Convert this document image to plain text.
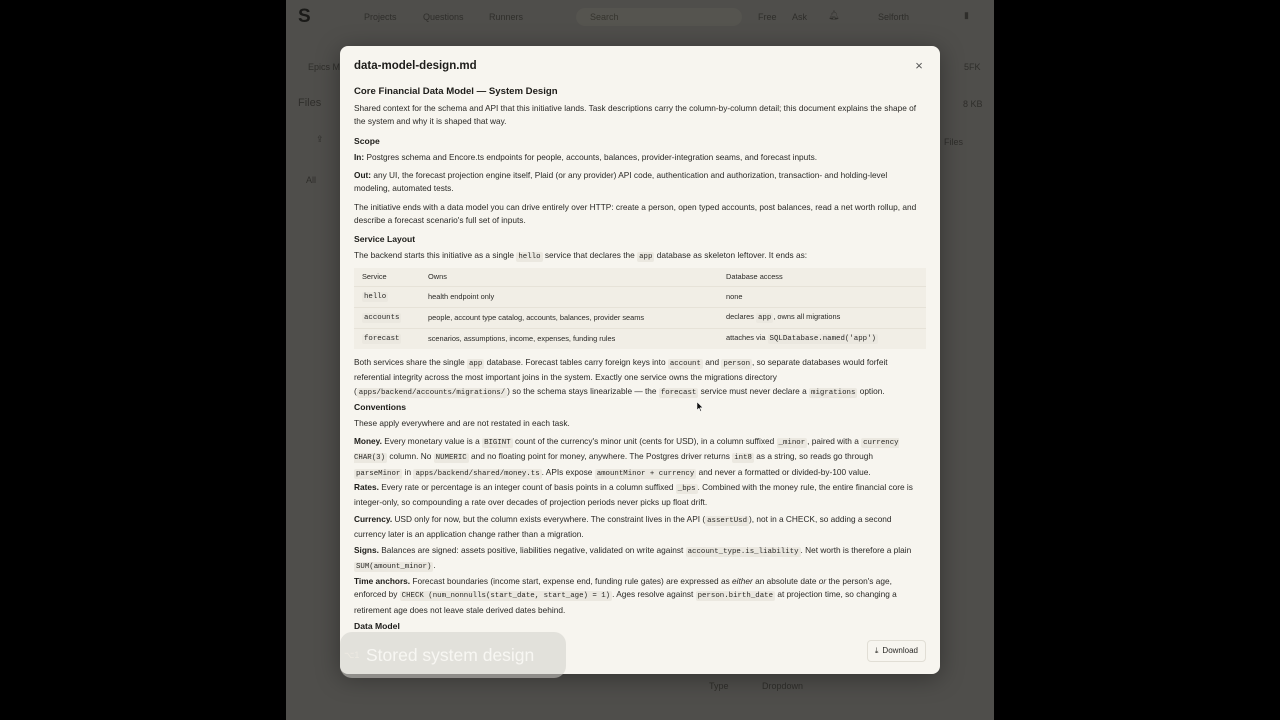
S	Projects	Questions	Runners	Search	Free Ask 🔔︎	Selforth	▮
Epics M	5FK
Files	8 KB
Files
⇪
All
Type	Dropdown
data-model-design.md	×
Core Financial Data Model — System Design

Shared context for the schema and API that this initiative lands. Task descriptions carry the column-by-column detail; this document explains the shape of the system and why it is shaped that way.

Scope

In: Postgres schema and Encore.ts endpoints for people, accounts, balances, provider-integration seams, and forecast inputs.

Out: any UI, the forecast projection engine itself, Plaid (or any provider) API code, authentication and authorization, transaction- and holding-level modeling, automated tests.

The initiative ends with a data model you can drive entirely over HTTP: create a person, open typed accounts, post balances, read a net worth rollup, and describe a forecast scenario's full set of inputs.

Service Layout

The backend starts this initiative as a single hello service that declares the app database as skeleton leftover. It ends as:

Service	Owns	Database access
hello	health endpoint only	none
accounts	people, account type catalog, accounts, balances, provider seams	declares app , owns all migrations
forecast	scenarios, assumptions, income, expenses, funding rules	attaches via SQLDatabase.named('app')

Both services share the single app database. Forecast tables carry foreign keys into account and person , so separate databases would forfeit referential integrity across the most important joins in the system. Exactly one service owns the migrations directory ( apps/backend/accounts/migrations/ ) so the schema stays linearizable — the forecast service must never declare a migrations option.

Conventions

These apply everywhere and are not restated in each task.

Money. Every monetary value is a BIGINT count of the currency's minor unit (cents for USD), in a column suffixed _minor , paired with a currency CHAR(3) column. No NUMERIC and no floating point for money, anywhere. The Postgres driver returns int8 as a string, so reads go through parseMinor in apps/backend/shared/money.ts . APIs expose amountMinor + currency and never a formatted or divided-by-100 value.

Rates. Every rate or percentage is an integer count of basis points in a column suffixed _bps . Combined with the money rule, the entire financial core is integer-only, so compounding a rate over decades of projection periods never picks up float drift.

Currency. USD only for now, but the column exists everywhere. The constraint lives in the API ( assertUsd ), not in a CHECK, so adding a second currency later is an application change rather than a migration.

Signs. Balances are signed: assets positive, liabilities negative, validated on write against account_type.is_liability . Net worth is therefore a plain SUM(amount_minor) .

Time anchors. Forecast boundaries (income start, expense end, funding rule gates) are expressed as either an absolute date or the person's age, enforced by CHECK (num_nonnulls(start_date, start_age) = 1) . Ages resolve against person.birth_date at projection time, so changing a retirement age does not leave stale derived dates behind.

Data Model
⤓ Download
⌥1 Stored system design
